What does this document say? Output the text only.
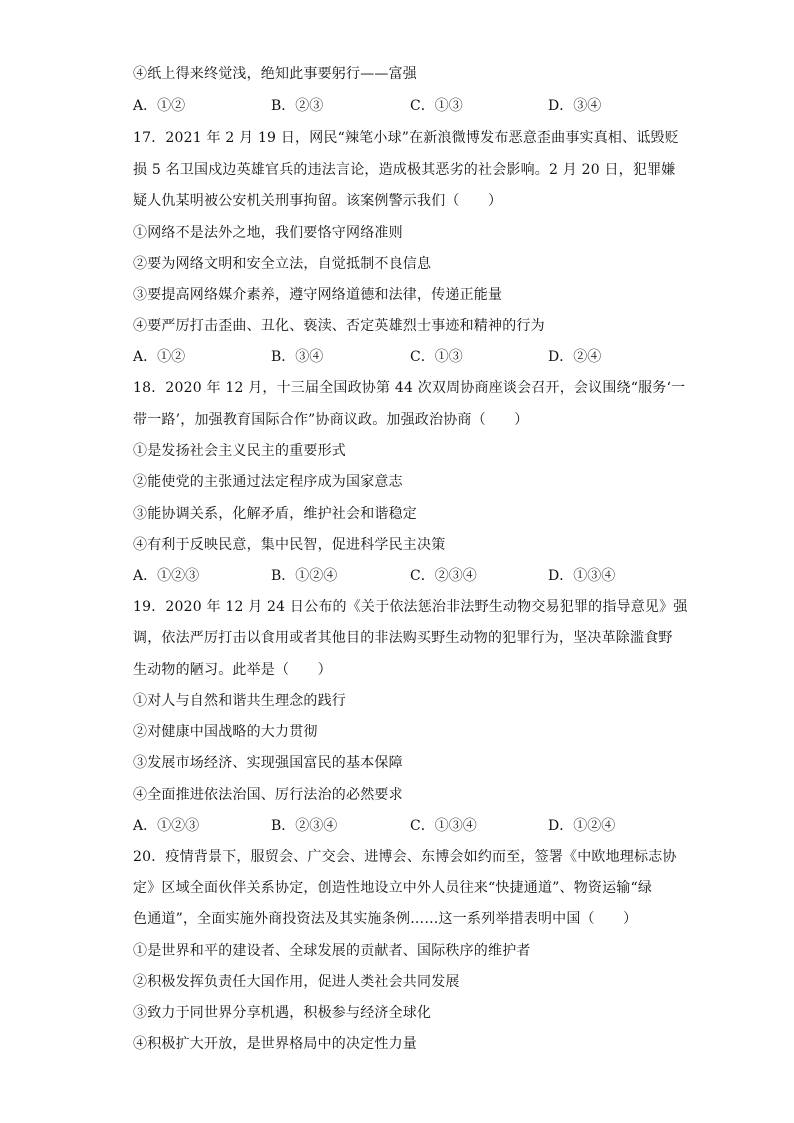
④纸上得来终觉浅，绝知此事要躬行——富强
A．①②	B．②③	C．①③	D．③④
17．2021 年 2 月 19 日，网民“辣笔小球”在新浪微博发布恶意歪曲事实真相、诋毁贬
损 5 名卫国戍边英雄官兵的违法言论，造成极其恶劣的社会影响。2 月 20 日，犯罪嫌
疑人仇某明被公安机关刑事拘留。该案例警示我们（　　）
①网络不是法外之地，我们要恪守网络准则
②要为网络文明和安全立法，自觉抵制不良信息
③要提高网络媒介素养，遵守网络道德和法律，传递正能量
④要严厉打击歪曲、丑化、亵渎、否定英雄烈士事迹和精神的行为
A．①②	B．③④	C．①③	D．②④
18．2020 年 12 月，十三届全国政协第 44 次双周协商座谈会召开，会议围绕“服务‘一
带一路’，加强教育国际合作”协商议政。加强政治协商（　　）
①是发扬社会主义民主的重要形式
②能使党的主张通过法定程序成为国家意志
③能协调关系，化解矛盾，维护社会和谐稳定
④有利于反映民意，集中民智，促进科学民主决策
A．①②③	B．①②④	C．②③④	D．①③④
19．2020 年 12 月 24 日公布的《关于依法惩治非法野生动物交易犯罪的指导意见》强
调，依法严厉打击以食用或者其他目的非法购买野生动物的犯罪行为，坚决革除滥食野
生动物的陋习。此举是（　　）
①对人与自然和谐共生理念的践行
②对健康中国战略的大力贯彻
③发展市场经济、实现强国富民的基本保障
④全面推进依法治国、厉行法治的必然要求
A．①②③	B．②③④	C．①③④	D．①②④
20．疫情背景下，服贸会、广交会、进博会、东博会如约而至，签署《中欧地理标志协
定》区域全面伙伴关系协定，创造性地设立中外人员往来“快捷通道”、物资运输“绿
色通道”，全面实施外商投资法及其实施条例……这一系列举措表明中国（　　）
①是世界和平的建设者、全球发展的贡献者、国际秩序的维护者
②积极发挥负责任大国作用，促进人类社会共同发展
③致力于同世界分享机遇，积极参与经济全球化
④积极扩大开放，是世界格局中的决定性力量
